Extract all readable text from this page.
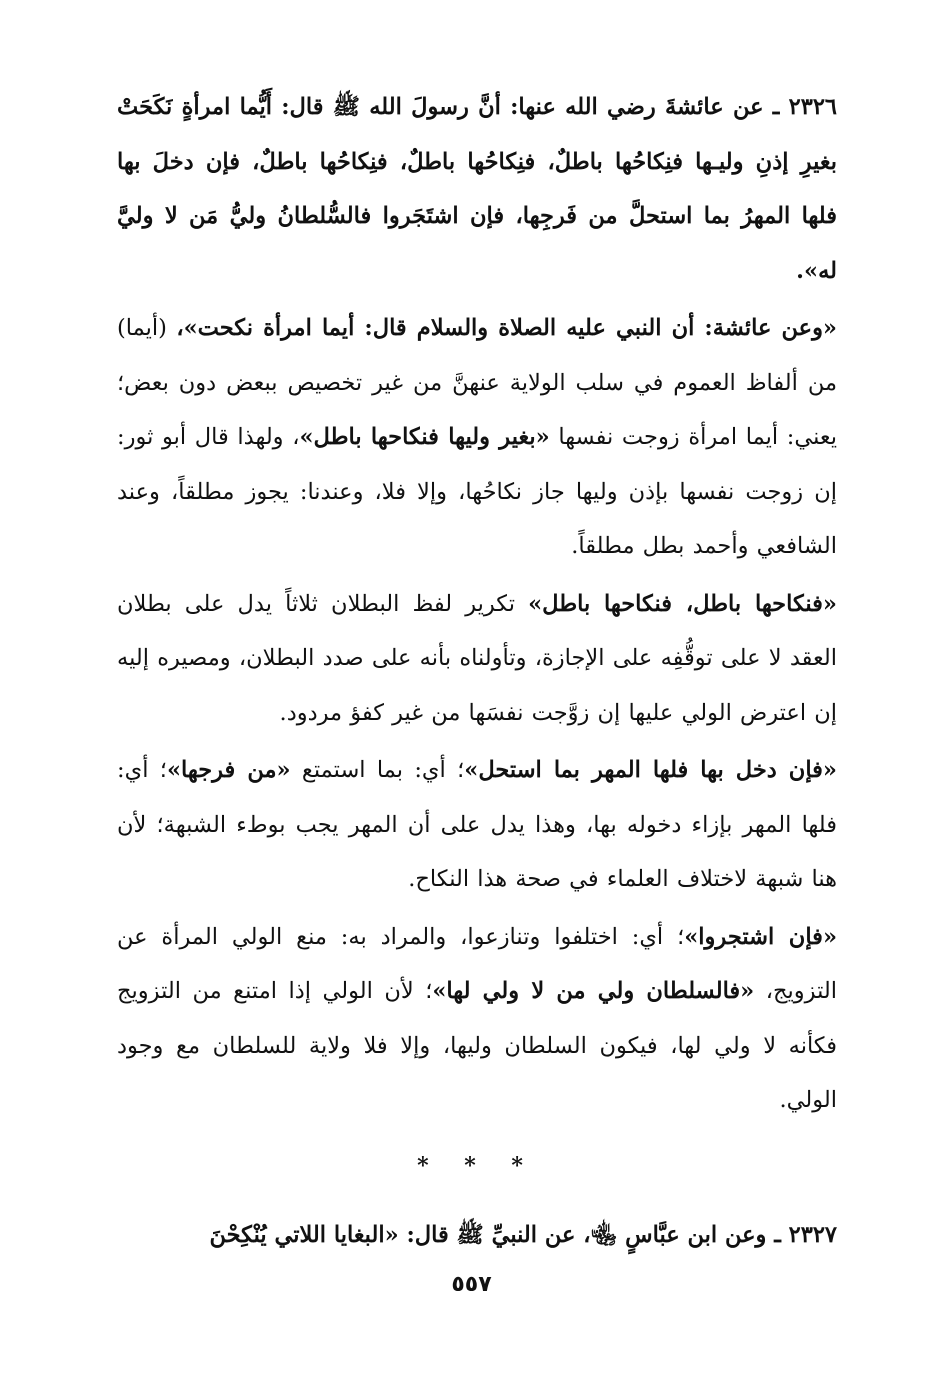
٢٣٢٦ ـ عن عائشةَ رضي الله عنها: أنَّ رسولَ الله ﷺ قال: أَيُّما امرأةٍ نَكَحَتْ بغيرِ إذنِ وليـها فنِكاحُها باطلٌ، فنِكاحُها باطلٌ، فنِكاحُها باطلٌ، فإن دخلَ بها فلها المهرُ بما استحلَّ من فَرجِها، فإن اشتَجَروا فالسُّلطانُ وليُّ مَن لا وليَّ له».

«وعن عائشة: أن النبي عليه الصلاة والسلام قال: أيما امرأة نكحت»، (أيما) من ألفاظ العموم في سلب الولاية عنهنَّ من غير تخصيص ببعض دون بعض؛ يعني: أيما امرأة زوجت نفسها «بغير وليها فنكاحها باطل»، ولهذا قال أبو ثور: إن زوجت نفسها بإذن وليها جاز نكاحُها، وإلا فلا، وعندنا: يجوز مطلقاً، وعند الشافعي وأحمد بطل مطلقاً.

«فنكاحها باطل، فنكاحها باطل» تكرير لفظ البطلان ثلاثاً يدل على بطلان العقد لا على توقُّفِه على الإجازة، وتأولناه بأنه على صدد البطلان، ومصيره إليه إن اعترض الولي عليها إن زوَّجت نفسَها من غير كفؤ مردود.

«فإن دخل بها فلها المهر بما استحل»؛ أي: بما استمتع «من فرجها»؛ أي: فلها المهر بإزاء دخوله بها، وهذا يدل على أن المهر يجب بوطء الشبهة؛ لأن هنا شبهة لاختلاف العلماء في صحة هذا النكاح.

«فإن اشتجروا»؛ أي: اختلفوا وتنازعوا، والمراد به: منع الولي المرأة عن التزويج، «فالسلطان ولي من لا ولي لها»؛ لأن الولي إذا امتنع من التزويج فكأنه لا ولي لها، فيكون السلطان وليها، وإلا فلا ولاية للسلطان مع وجود الولي.

* * *

٢٣٢٧ ـ وعن ابن عبَّاسٍ ﵄، عن النبيِّ ﷺ قال: «البغايا اللاتي يُنْكِحْنَ

٥٥٧
